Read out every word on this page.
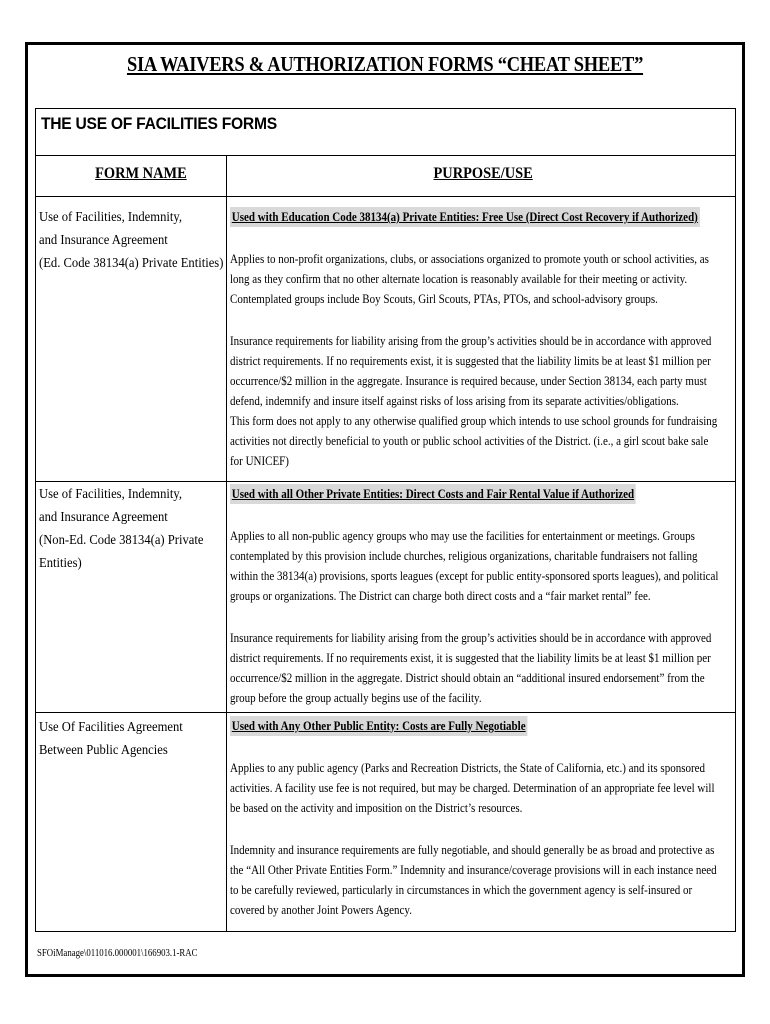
SIA WAIVERS & AUTHORIZATION FORMS “CHEAT SHEET”
THE USE OF FACILITIES FORMS
FORM NAME	PURPOSE/USE
Use of Facilities, Indemnity,
and Insurance Agreement
(Ed. Code 38134(a) Private Entities)
Used with Education Code 38134(a) Private Entities: Free Use (Direct Cost Recovery if Authorized)

Applies to non-profit organizations, clubs, or associations organized to promote youth or school activities, as long as they confirm that no other alternate location is reasonably available for their meeting or activity. Contemplated groups include Boy Scouts, Girl Scouts, PTAs, PTOs, and school-advisory groups.

Insurance requirements for liability arising from the group’s activities should be in accordance with approved district requirements. If no requirements exist, it is suggested that the liability limits be at least $1 million per occurrence/$2 million in the aggregate. Insurance is required because, under Section 38134, each party must defend, indemnify and insure itself against risks of loss arising from its separate activities/obligations.

This form does not apply to any otherwise qualified group which intends to use school grounds for fundraising activities not directly beneficial to youth or public school activities of the District. (i.e., a girl scout bake sale for UNICEF)

Use of Facilities, Indemnity,
and Insurance Agreement
(Non-Ed. Code 38134(a) Private
Entities)
Used with all Other Private Entities: Direct Costs and Fair Rental Value if Authorized

Applies to all non-public agency groups who may use the facilities for entertainment or meetings. Groups contemplated by this provision include churches, religious organizations, charitable fundraisers not falling within the 38134(a) provisions, sports leagues (except for public entity-sponsored sports leagues), and political groups or organizations. The District can charge both direct costs and a “fair market rental” fee.

Insurance requirements for liability arising from the group’s activities should be in accordance with approved district requirements. If no requirements exist, it is suggested that the liability limits be at least $1 million per occurrence/$2 million in the aggregate. District should obtain an “additional insured endorsement” from the group before the group actually begins use of the facility.

Use Of Facilities Agreement
Between Public Agencies
Used with Any Other Public Entity: Costs are Fully Negotiable

Applies to any public agency (Parks and Recreation Districts, the State of California, etc.) and its sponsored activities. A facility use fee is not required, but may be charged. Determination of an appropriate fee level will be based on the activity and imposition on the District’s resources.

Indemnity and insurance requirements are fully negotiable, and should generally be as broad and protective as the “All Other Private Entities Form.” Indemnity and insurance/coverage provisions will in each instance need to be carefully reviewed, particularly in circumstances in which the government agency is self-insured or covered by another Joint Powers Agency.

SFOiManage\011016.000001\166903.1-RAC
